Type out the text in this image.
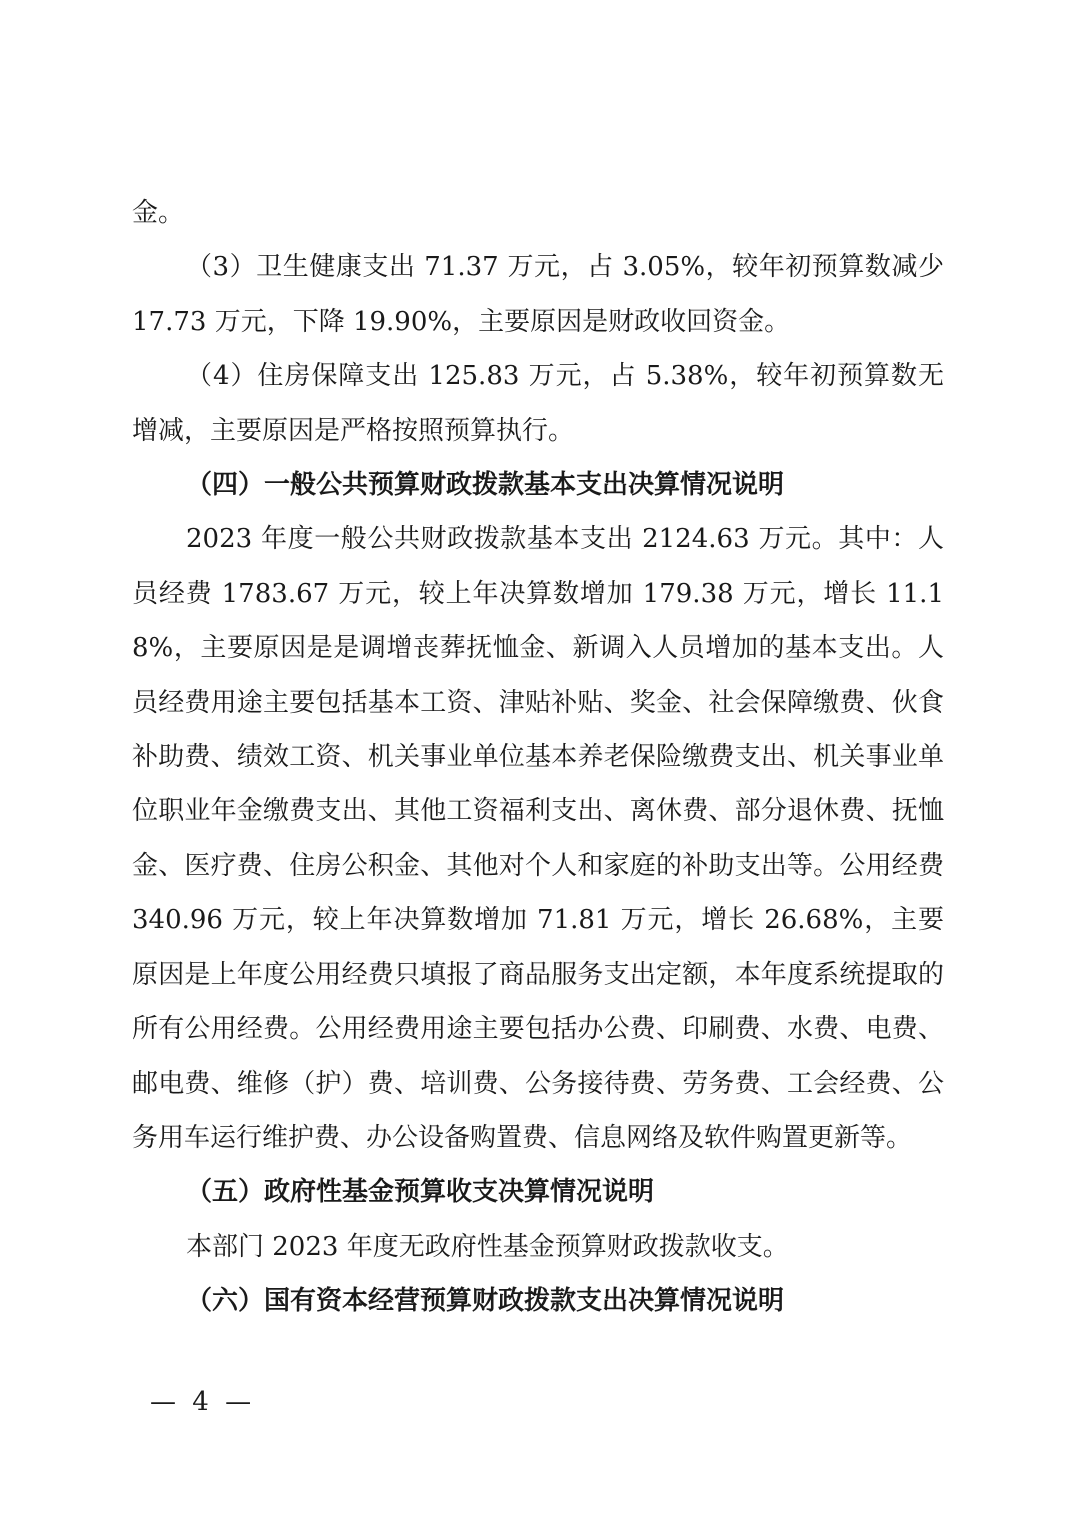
金。

（3）卫生健康支出 71.37 万元，占 3.05%，较年初预算数减少 17.73 万元，下降 19.90%，主要原因是财政收回资金。

（4）住房保障支出 125.83 万元，占 5.38%，较年初预算数无增减，主要原因是严格按照预算执行。

（四）一般公共预算财政拨款基本支出决算情况说明

2023 年度一般公共财政拨款基本支出 2124.63 万元。其中：人员经费 1783.67 万元，较上年决算数增加 179.38 万元，增长 11.18%，主要原因是是调增丧葬抚恤金、新调入人员增加的基本支出。人员经费用途主要包括基本工资、津贴补贴、奖金、社会保障缴费、伙食补助费、绩效工资、机关事业单位基本养老保险缴费支出、机关事业单位职业年金缴费支出、其他工资福利支出、离休费、部分退休费、抚恤金、医疗费、住房公积金、其他对个人和家庭的补助支出等。公用经费 340.96 万元，较上年决算数增加 71.81 万元，增长 26.68%，主要原因是上年度公用经费只填报了商品服务支出定额，本年度系统提取的所有公用经费。公用经费用途主要包括办公费、印刷费、水费、电费、邮电费、维修（护）费、培训费、公务接待费、劳务费、工会经费、公务用车运行维护费、办公设备购置费、信息网络及软件购置更新等。

（五）政府性基金预算收支决算情况说明

本部门 2023 年度无政府性基金预算财政拨款收支。

（六）国有资本经营预算财政拨款支出决算情况说明

— 4 —
